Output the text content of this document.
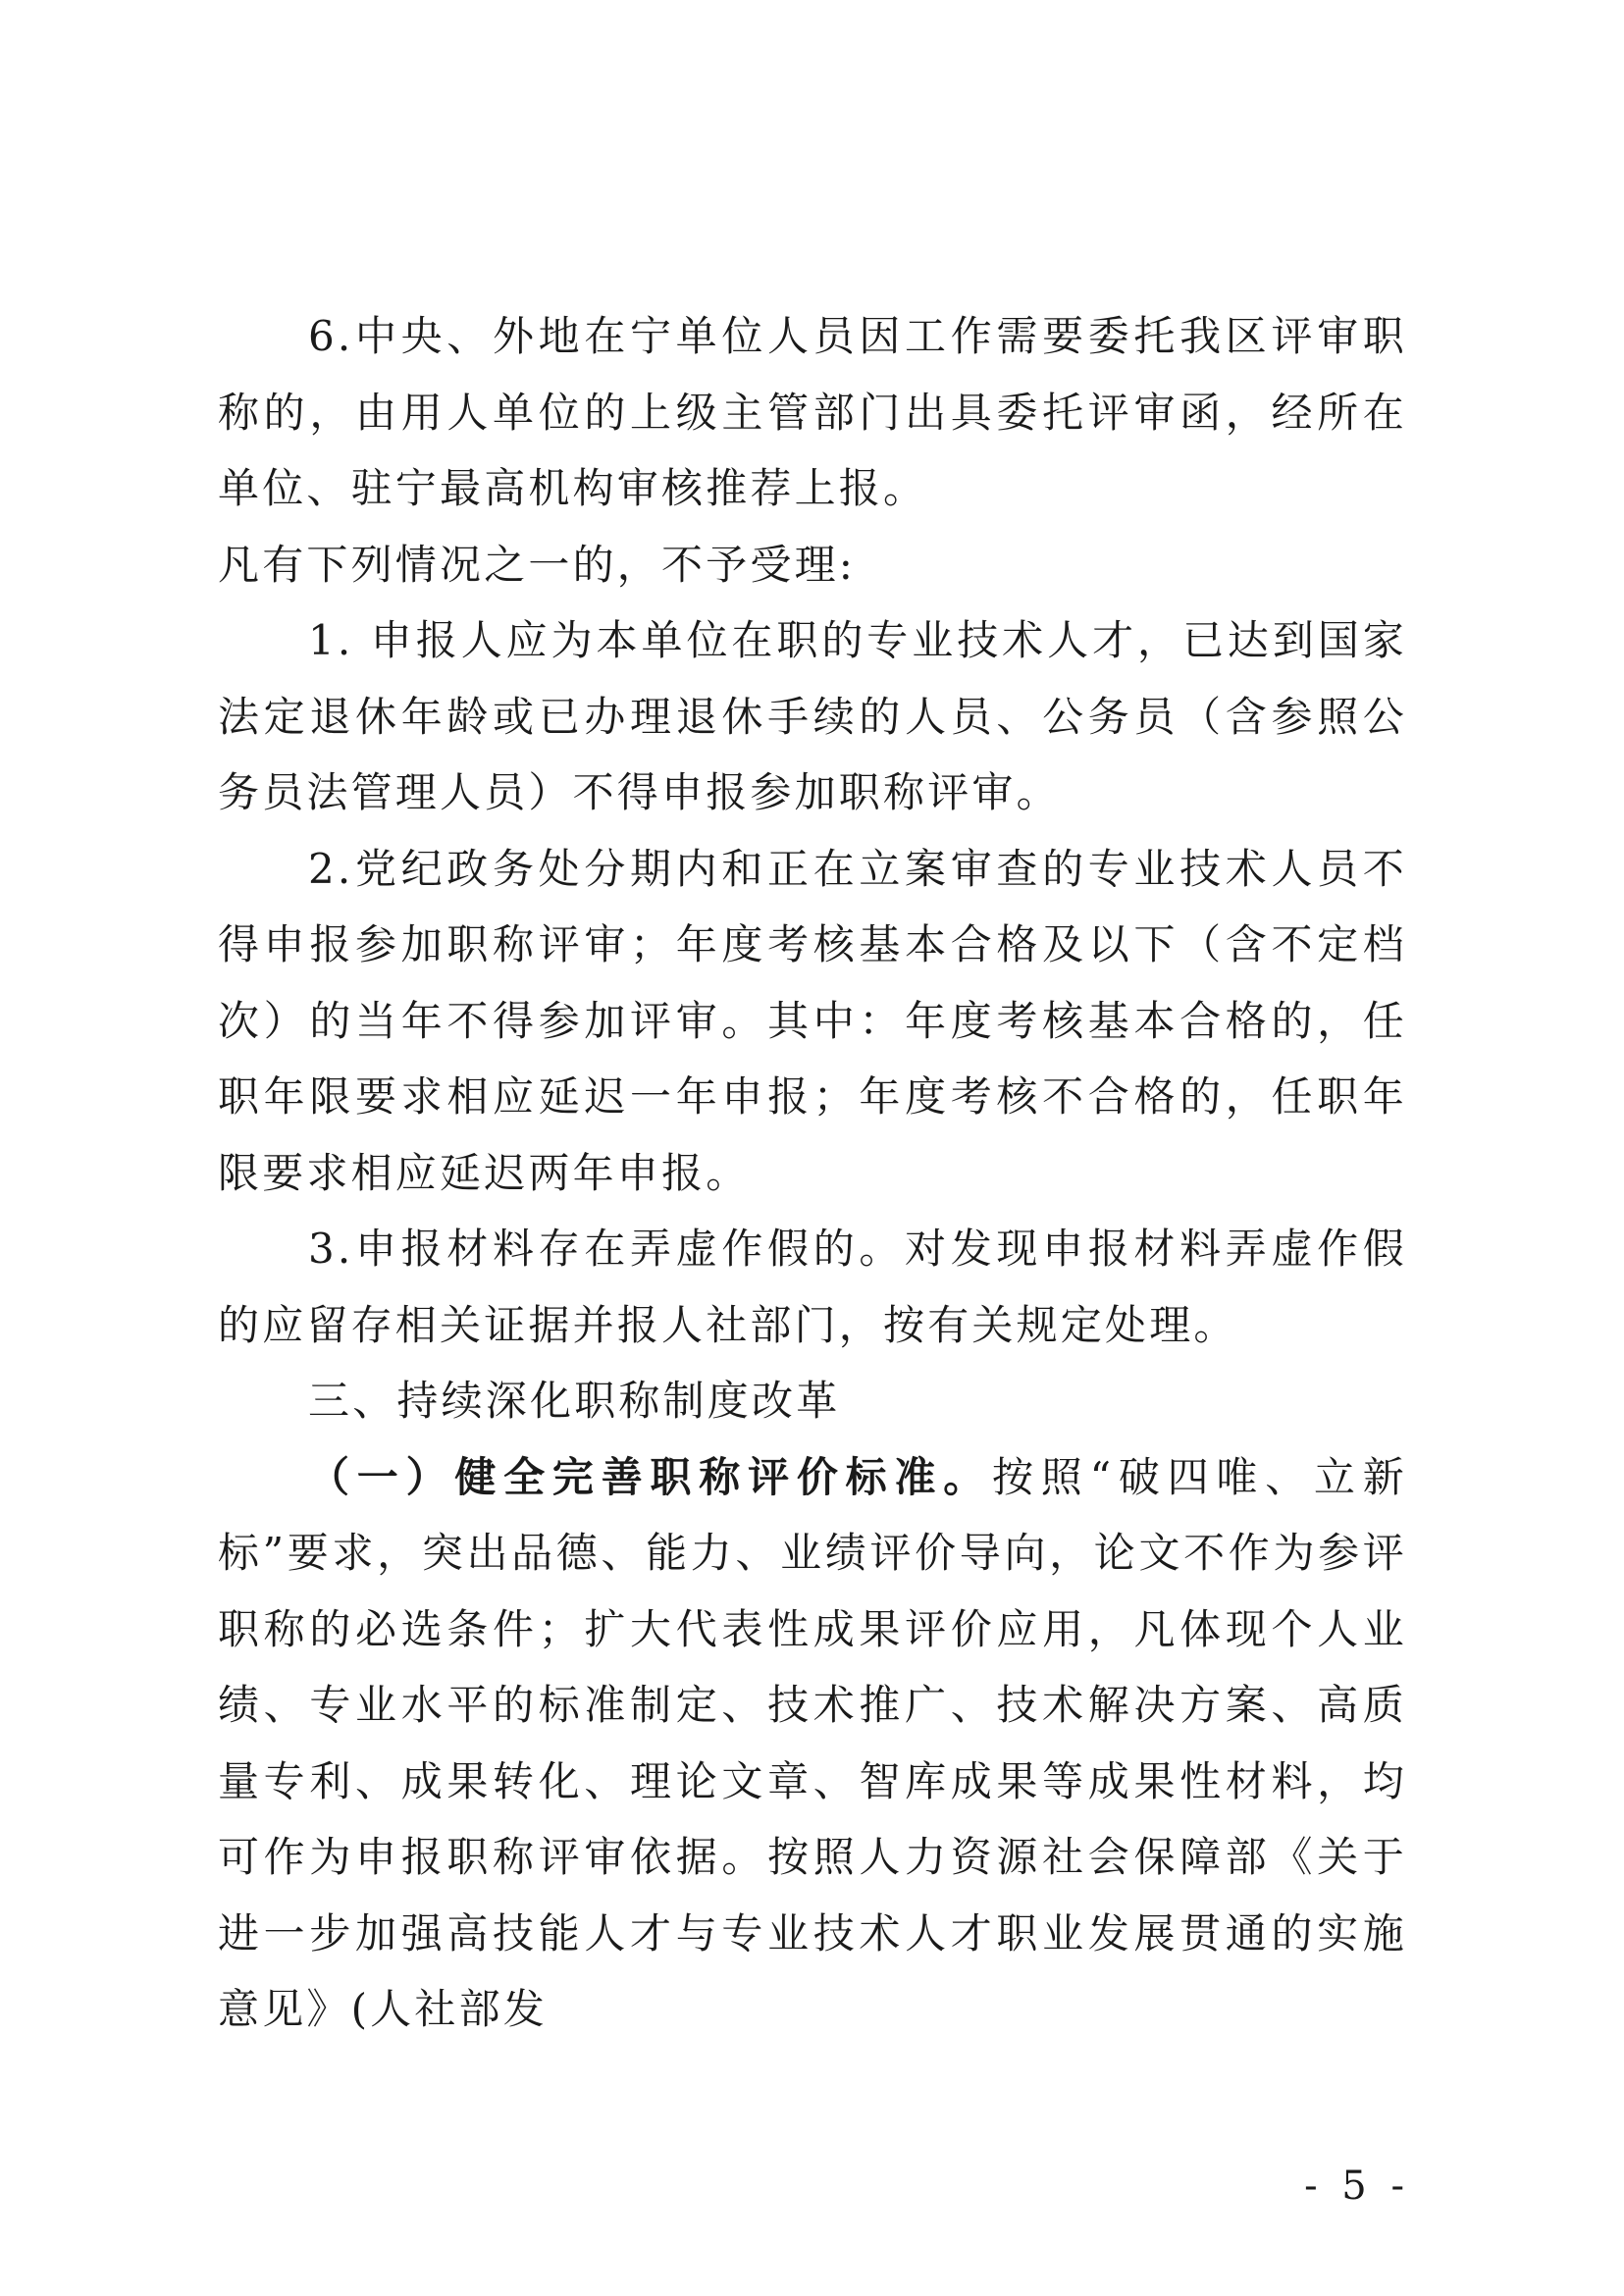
6.中央、外地在宁单位人员因工作需要委托我区评审职称的，由用人单位的上级主管部门出具委托评审函，经所在单位、驻宁最高机构审核推荐上报。

凡有下列情况之一的，不予受理:

1. 申报人应为本单位在职的专业技术人才，已达到国家法定退休年龄或已办理退休手续的人员、公务员（含参照公务员法管理人员）不得申报参加职称评审。

2.党纪政务处分期内和正在立案审查的专业技术人员不得申报参加职称评审；年度考核基本合格及以下（含不定档次）的当年不得参加评审。其中：年度考核基本合格的，任职年限要求相应延迟一年申报；年度考核不合格的，任职年限要求相应延迟两年申报。

3.申报材料存在弄虚作假的。对发现申报材料弄虚作假的应留存相关证据并报人社部门，按有关规定处理。

三、持续深化职称制度改革

（一）健全完善职称评价标准。按照“破四唯、立新标”要求，突出品德、能力、业绩评价导向，论文不作为参评职称的必选条件；扩大代表性成果评价应用，凡体现个人业绩、专业水平的标准制定、技术推广、技术解决方案、高质量专利、成果转化、理论文章、智库成果等成果性材料，均可作为申报职称评审依据。按照人力资源社会保障部《关于进一步加强高技能人才与专业技术人才职业发展贯通的实施意见》(人社部发

- 5 -
